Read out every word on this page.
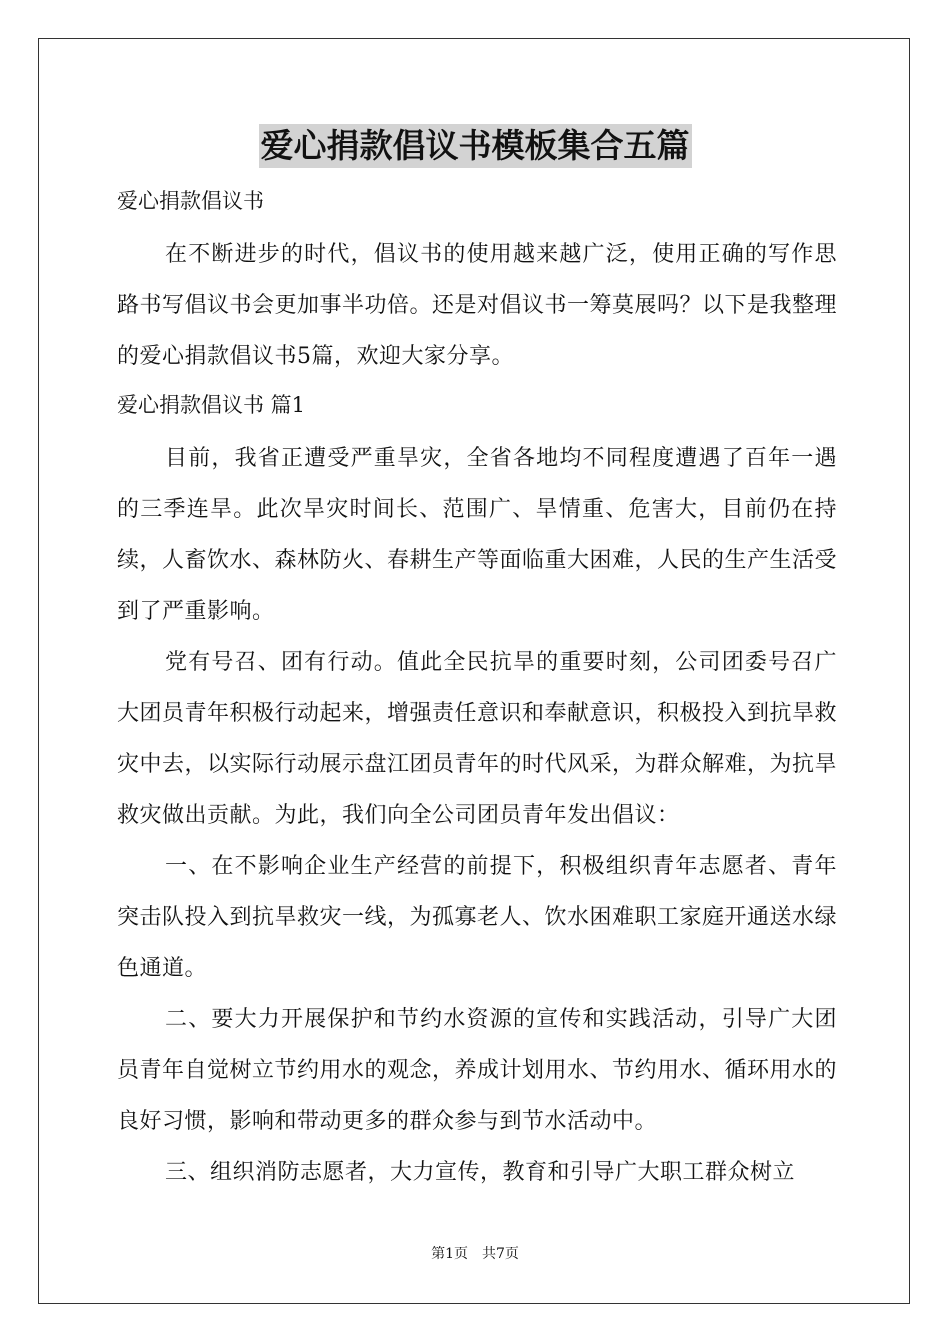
爱心捐款倡议书模板集合五篇

爱心捐款倡议书

在不断进步的时代，倡议书的使用越来越广泛，使用正确的写作思路书写倡议书会更加事半功倍。还是对倡议书一筹莫展吗？以下是我整理的爱心捐款倡议书5篇，欢迎大家分享。

爱心捐款倡议书 篇1

目前，我省正遭受严重旱灾，全省各地均不同程度遭遇了百年一遇的三季连旱。此次旱灾时间长、范围广、旱情重、危害大，目前仍在持续，人畜饮水、森林防火、春耕生产等面临重大困难，人民的生产生活受到了严重影响。

党有号召、团有行动。值此全民抗旱的重要时刻，公司团委号召广大团员青年积极行动起来，增强责任意识和奉献意识，积极投入到抗旱救灾中去，以实际行动展示盘江团员青年的时代风采，为群众解难，为抗旱救灾做出贡献。为此，我们向全公司团员青年发出倡议：

一、在不影响企业生产经营的前提下，积极组织青年志愿者、青年突击队投入到抗旱救灾一线，为孤寡老人、饮水困难职工家庭开通送水绿色通道。

二、要大力开展保护和节约水资源的宣传和实践活动，引导广大团员青年自觉树立节约用水的观念，养成计划用水、节约用水、循环用水的良好习惯，影响和带动更多的群众参与到节水活动中。

三、组织消防志愿者，大力宣传，教育和引导广大职工群众树立

第1页　共7页
